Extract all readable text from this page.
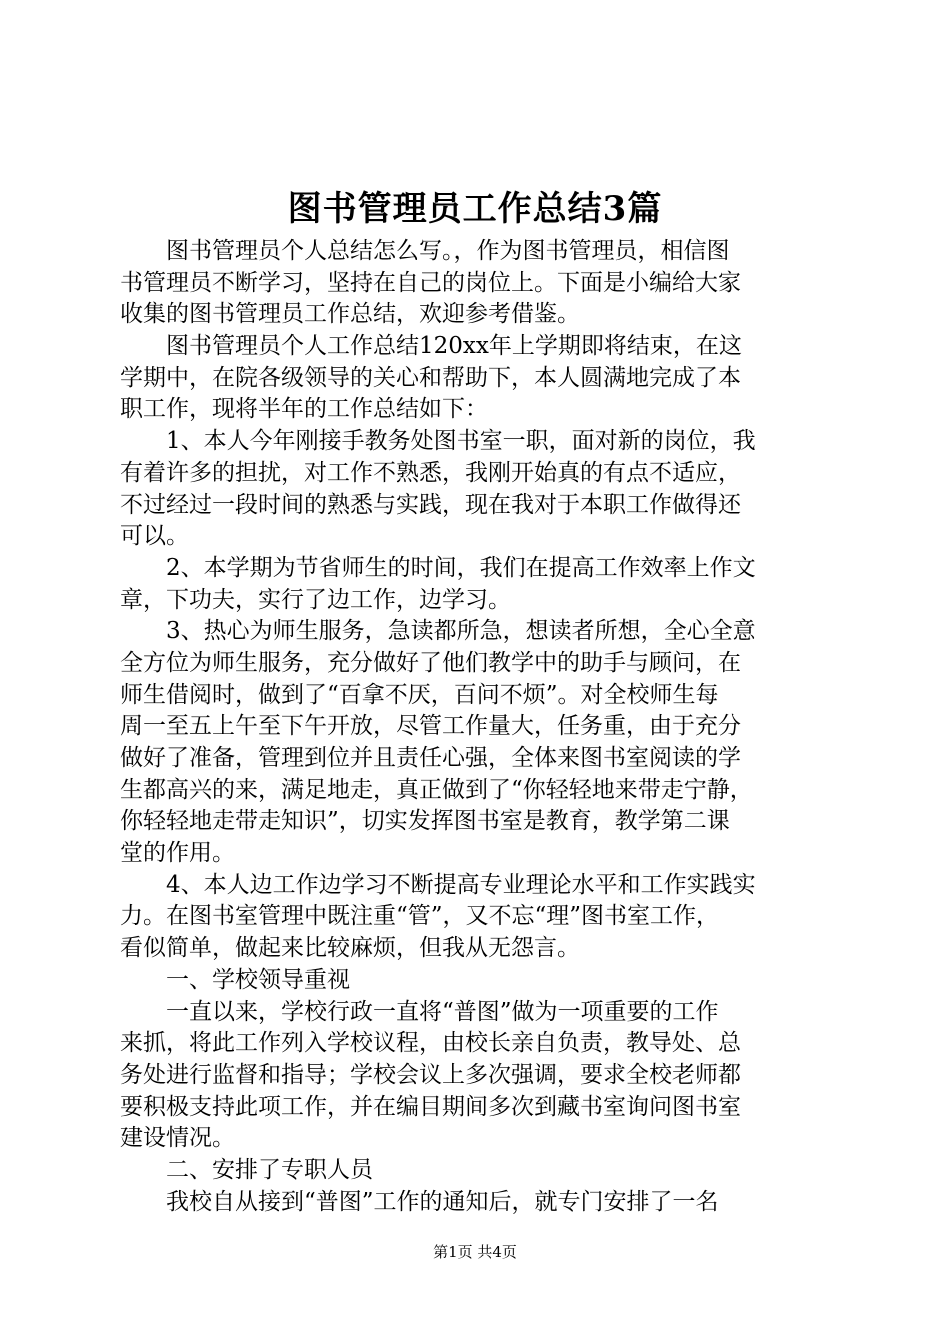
图书管理员工作总结3篇
　　图书管理员个人总结怎么写。，作为图书管理员，相信图
书管理员不断学习，坚持在自己的岗位上。下面是小编给大家
收集的图书管理员工作总结，欢迎参考借鉴。
　　图书管理员个人工作总结120xx年上学期即将结束，在这
学期中，在院各级领导的关心和帮助下，本人圆满地完成了本
职工作，现将半年的工作总结如下：
　　1、本人今年刚接手教务处图书室一职，面对新的岗位，我
有着许多的担扰，对工作不熟悉，我刚开始真的有点不适应，
不过经过一段时间的熟悉与实践，现在我对于本职工作做得还
可以。
　　2、本学期为节省师生的时间，我们在提高工作效率上作文
章，下功夫，实行了边工作，边学习。
　　3、热心为师生服务，急读都所急，想读者所想，全心全意
全方位为师生服务，充分做好了他们教学中的助手与顾问，在
师生借阅时，做到了“百拿不厌，百问不烦”。对全校师生每
周一至五上午至下午开放，尽管工作量大，任务重，由于充分
做好了准备，管理到位并且责任心强，全体来图书室阅读的学
生都高兴的来，满足地走，真正做到了“你轻轻地来带走宁静，
你轻轻地走带走知识”，切实发挥图书室是教育，教学第二课
堂的作用。
　　4、本人边工作边学习不断提高专业理论水平和工作实践实
力。在图书室管理中既注重“管”，又不忘“理”图书室工作，
看似简单，做起来比较麻烦，但我从无怨言。
　　一、学校领导重视
　　一直以来，学校行政一直将“普图”做为一项重要的工作
来抓，将此工作列入学校议程，由校长亲自负责，教导处、总
务处进行监督和指导；学校会议上多次强调，要求全校老师都
要积极支持此项工作，并在编目期间多次到藏书室询问图书室
建设情况。
　　二、安排了专职人员
　　我校自从接到“普图”工作的通知后，就专门安排了一名
第1页 共4页
